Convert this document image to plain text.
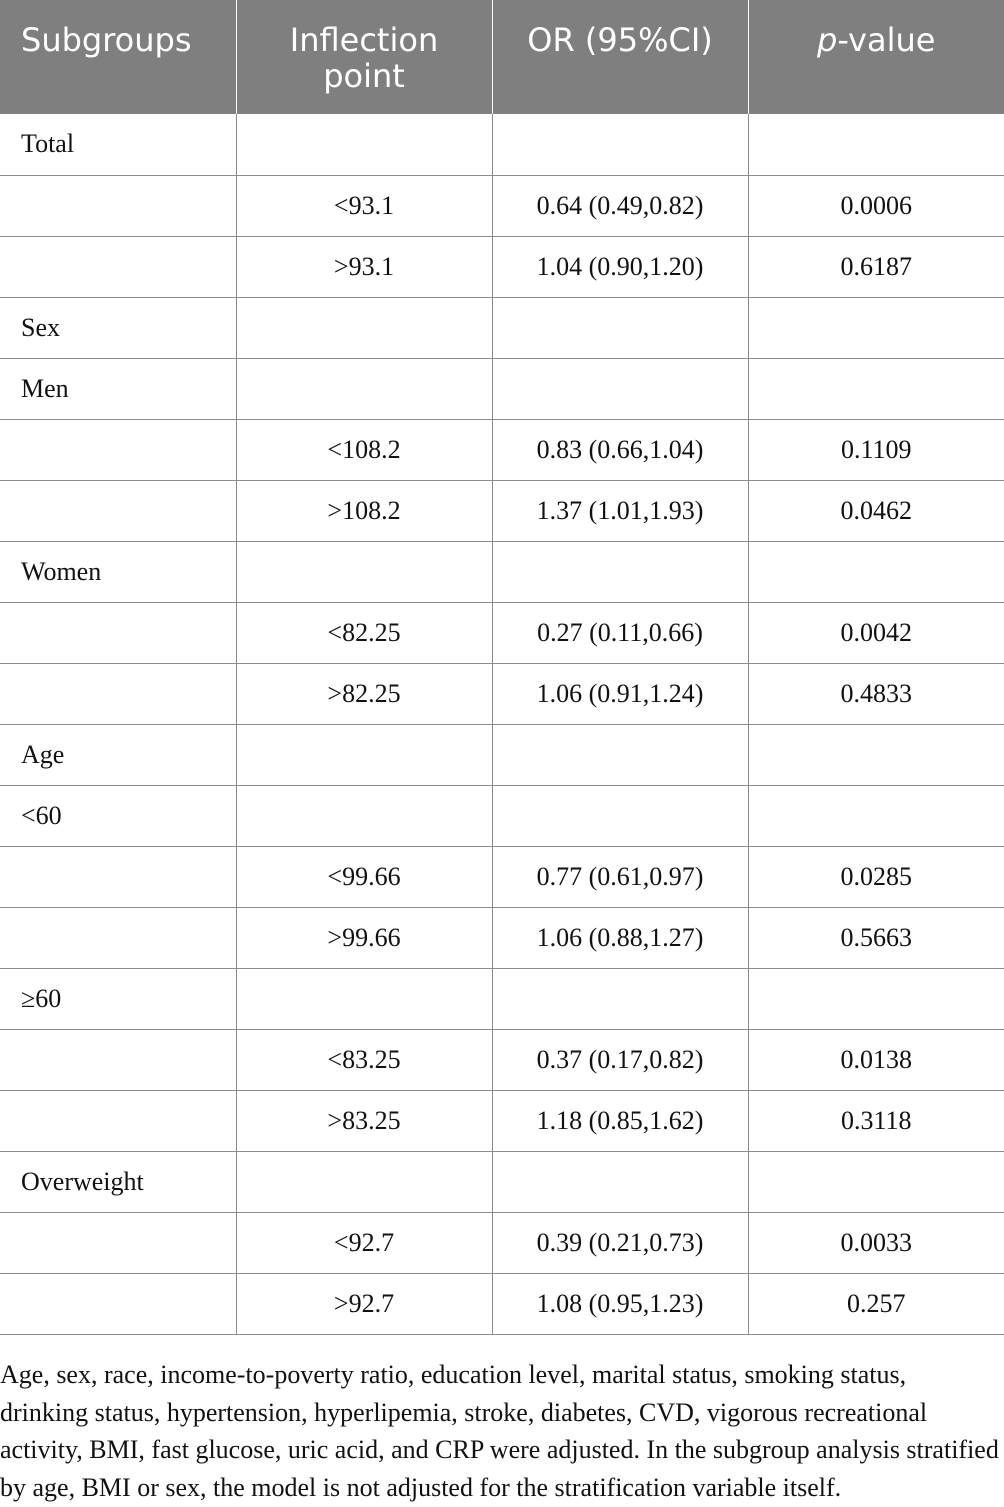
Subgroups	Inflection point	OR (95%CI)	p-value
Total			
	<93.1	0.64 (0.49,0.82)	0.0006
	>93.1	1.04 (0.90,1.20)	0.6187
Sex			
Men			
	<108.2	0.83 (0.66,1.04)	0.1109
	>108.2	1.37 (1.01,1.93)	0.0462
Women			
	<82.25	0.27 (0.11,0.66)	0.0042
	>82.25	1.06 (0.91,1.24)	0.4833
Age			
<60			
	<99.66	0.77 (0.61,0.97)	0.0285
	>99.66	1.06 (0.88,1.27)	0.5663
≥60			
	<83.25	0.37 (0.17,0.82)	0.0138
	>83.25	1.18 (0.85,1.62)	0.3118
Overweight			
	<92.7	0.39 (0.21,0.73)	0.0033
	>92.7	1.08 (0.95,1.23)	0.257

Age, sex, race, income-to-poverty ratio, education level, marital status, smoking status, drinking status, hypertension, hyperlipemia, stroke, diabetes, CVD, vigorous recreational activity, BMI, fast glucose, uric acid, and CRP were adjusted. In the subgroup analysis stratified by age, BMI or sex, the model is not adjusted for the stratification variable itself.
